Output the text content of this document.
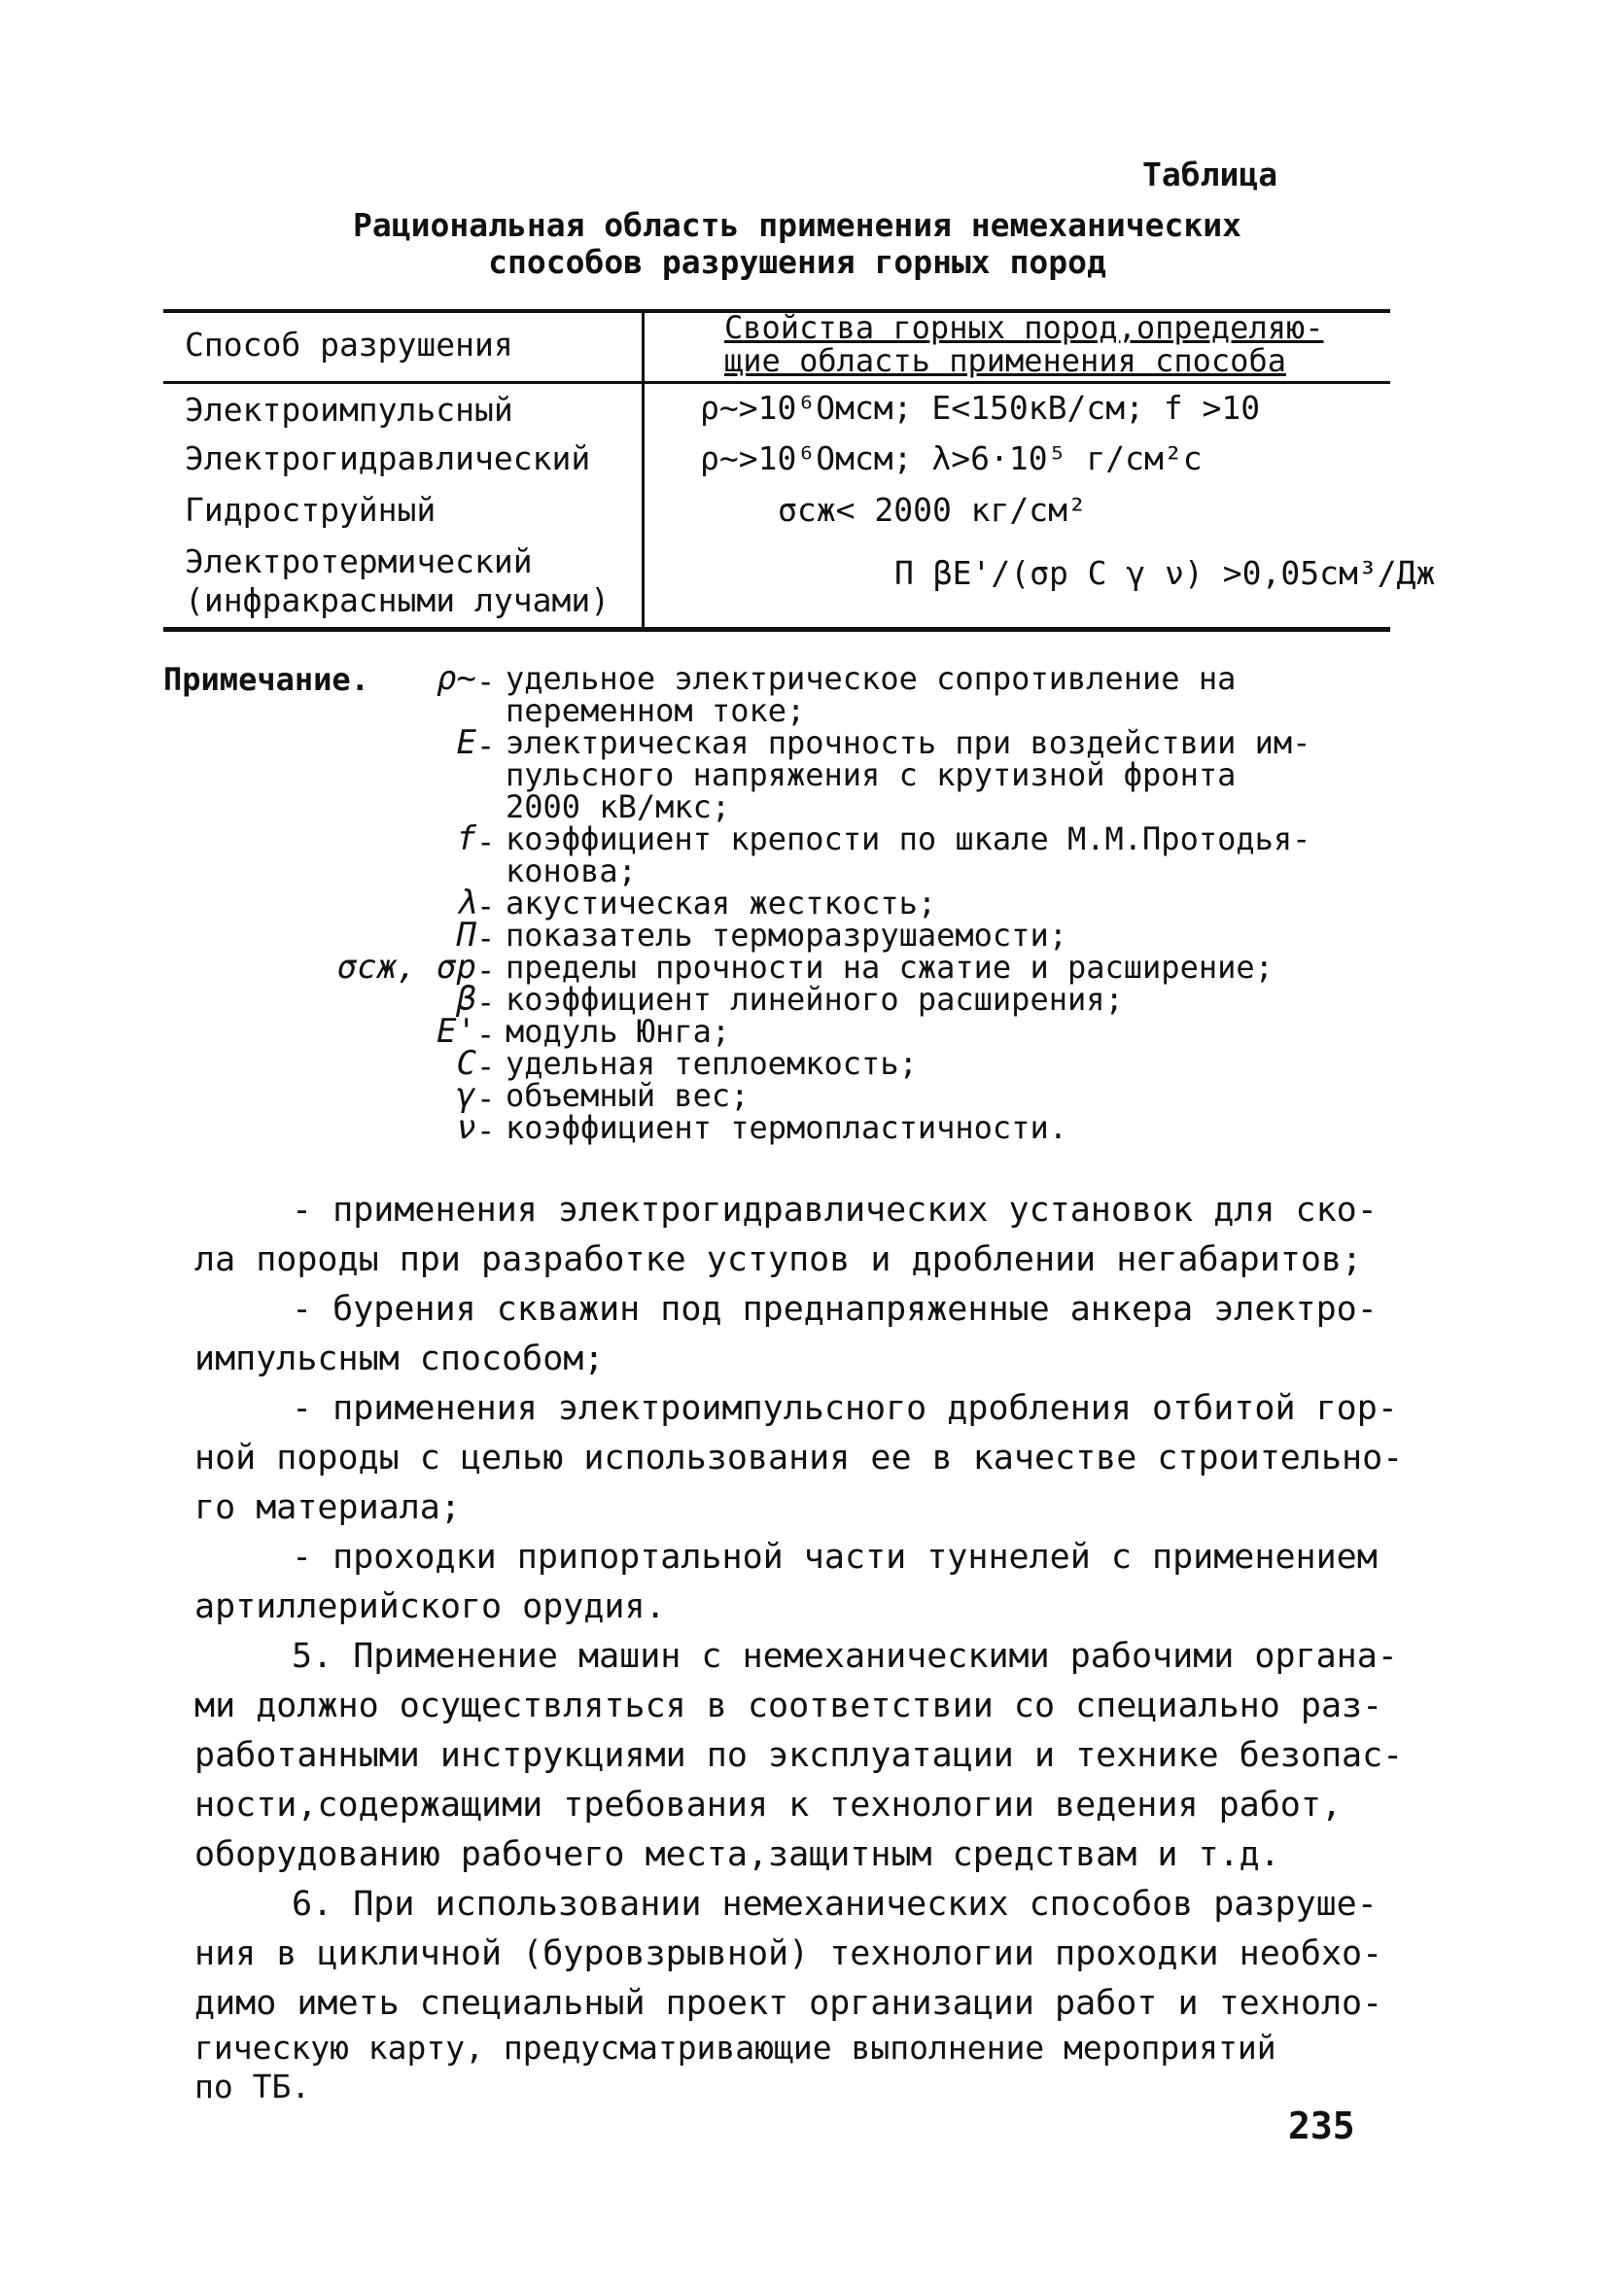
Таблица
Рациональная область применения немеханических
способов разрушения горных пород
Способ разрушения	Свойства горных пород,определяю-
щие область применения способа
Электроимпульсный
Электрогидравлический
Гидроструйный
Электротермический
(инфракрасными лучами)
ρ∼>10⁶Омсм; E<150кВ/см; f >10
ρ∼>10⁶Омсм; λ>6·10⁵ г/см²с
σсж< 2000 кг/см²
П βE'/(σр C γ ν) >0,05см³/Дж
Примечание.	ρ∼ - удельное электрическое сопротивление на
переменном токе;
E - электрическая прочность при воздействии им-
пульсного напряжения с крутизной фронта
2000 кВ/мкс;
f - коэффициент крепости по шкале М.М.Протодья-
конова;
λ - акустическая жесткость;
П - показатель терморазрушаемости;
σсж, σр - пределы прочности на сжатие и расширение;
β - коэффициент линейного расширения;
E' - модуль Юнга;
C - удельная теплоемкость;
γ - объемный вес;
ν - коэффициент термопластичности.
- применения электрогидравлических установок для ско-
ла породы при разработке уступов и дроблении негабаритов;
- бурения скважин под преднапряженные анкера электро-
импульсным способом;
- применения электроимпульсного дробления отбитой гор-
ной породы с целью использования ее в качестве строительно-
го материала;
- проходки припортальной части туннелей с применением
артиллерийского орудия.
5. Применение машин с немеханическими рабочими органа-
ми должно осуществляться в соответствии со специально раз-
работанными инструкциями по эксплуатации и технике безопас-
ности,содержащими требования к технологии ведения работ,
оборудованию рабочего места,защитным средствам и т.д.
6. При использовании немеханических способов разруше-
ния в цикличной (буровзрывной) технологии проходки необхо-
димо иметь специальный проект организации работ и техноло-
гическую карту, предусматривающие выполнение мероприятий
по ТБ.
235
